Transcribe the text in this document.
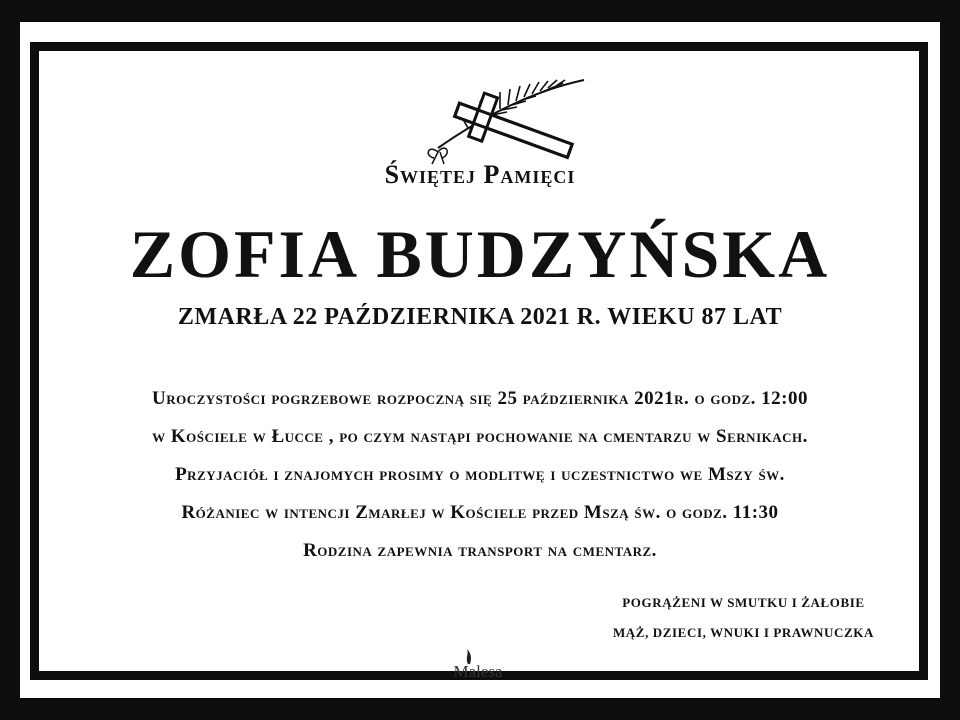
Świętej Pamięci
ZOFIA BUDZYŃSKA
ZMARŁA 22 PAŹDZIERNIKA 2021 R. WIEKU 87 LAT
Uroczystości pogrzebowe rozpoczną się 25 października 2021r. o godz. 12:00
w Kościele w Łucce , po czym nastąpi pochowanie na cmentarzu w Sernikach.
Przyjaciół i znajomych prosimy o modlitwę i uczestnictwo we Mszy św.
Różaniec w intencji Zmarłej w Kościele przed Mszą św. o godz. 11:30
Rodzina zapewnia transport na cmentarz.
POGRĄŻENI W SMUTKU I ŻAŁOBIE
MĄŻ, DZIECI, WNUKI I PRAWNUCZKA
Malesa
